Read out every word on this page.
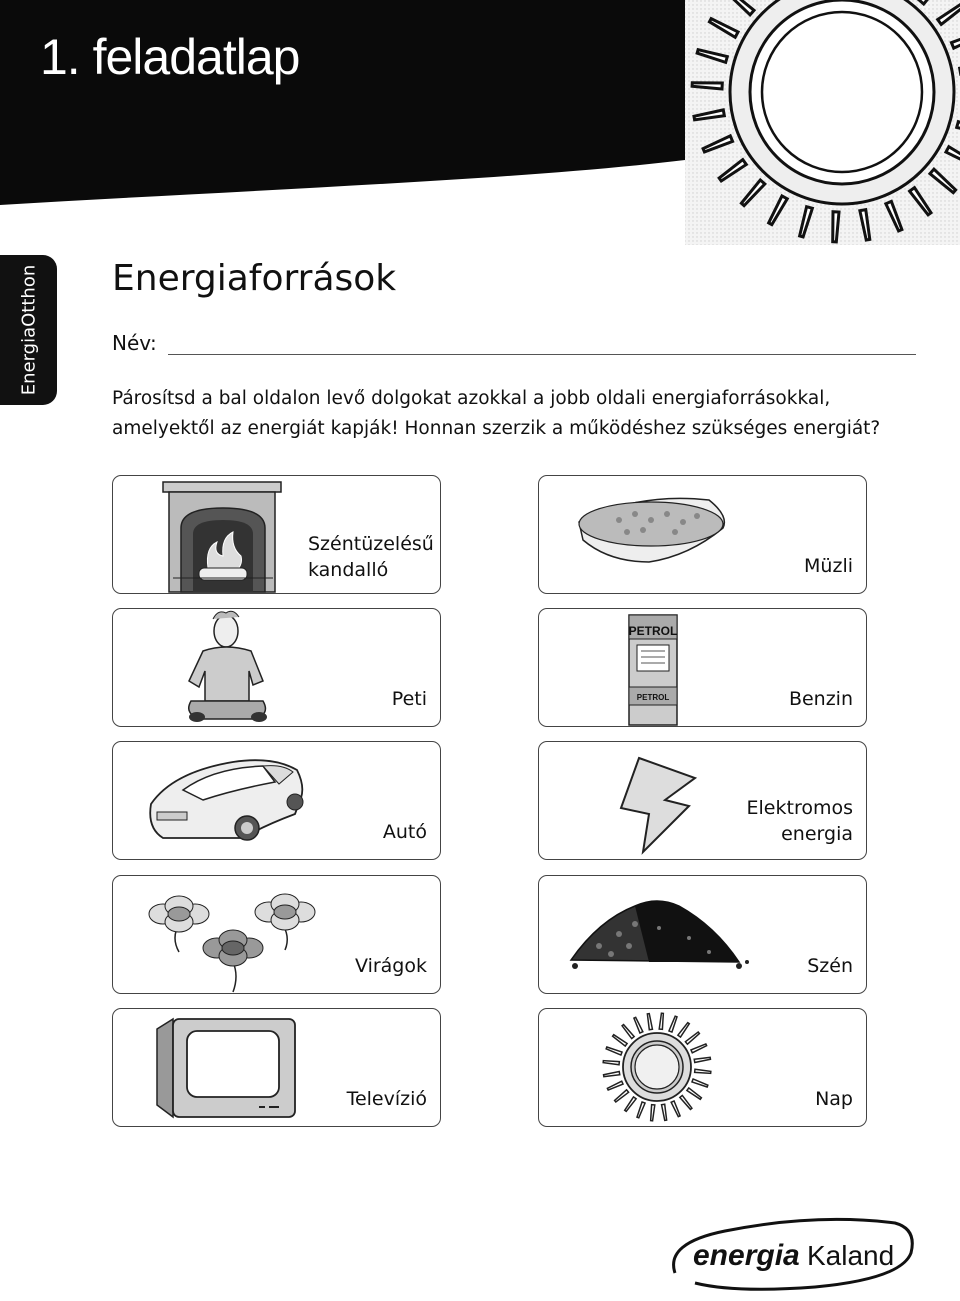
1. feladatlap
EnergiaOtthon Energiaforrások
Név:
Párosítsd a bal oldalon levő dolgokat azokkal a jobb oldali energiaforrásokkal,
amelyektől az energiát kapják! Honnan szerzik a működéshez szükséges energiát?
Széntüzelésű
kandalló
Peti
Autó
Virágok
Televízió
Müzli
PETROL
PETROL	Benzin
Elektromos
energia
Szén
Nap
energia Kaland
